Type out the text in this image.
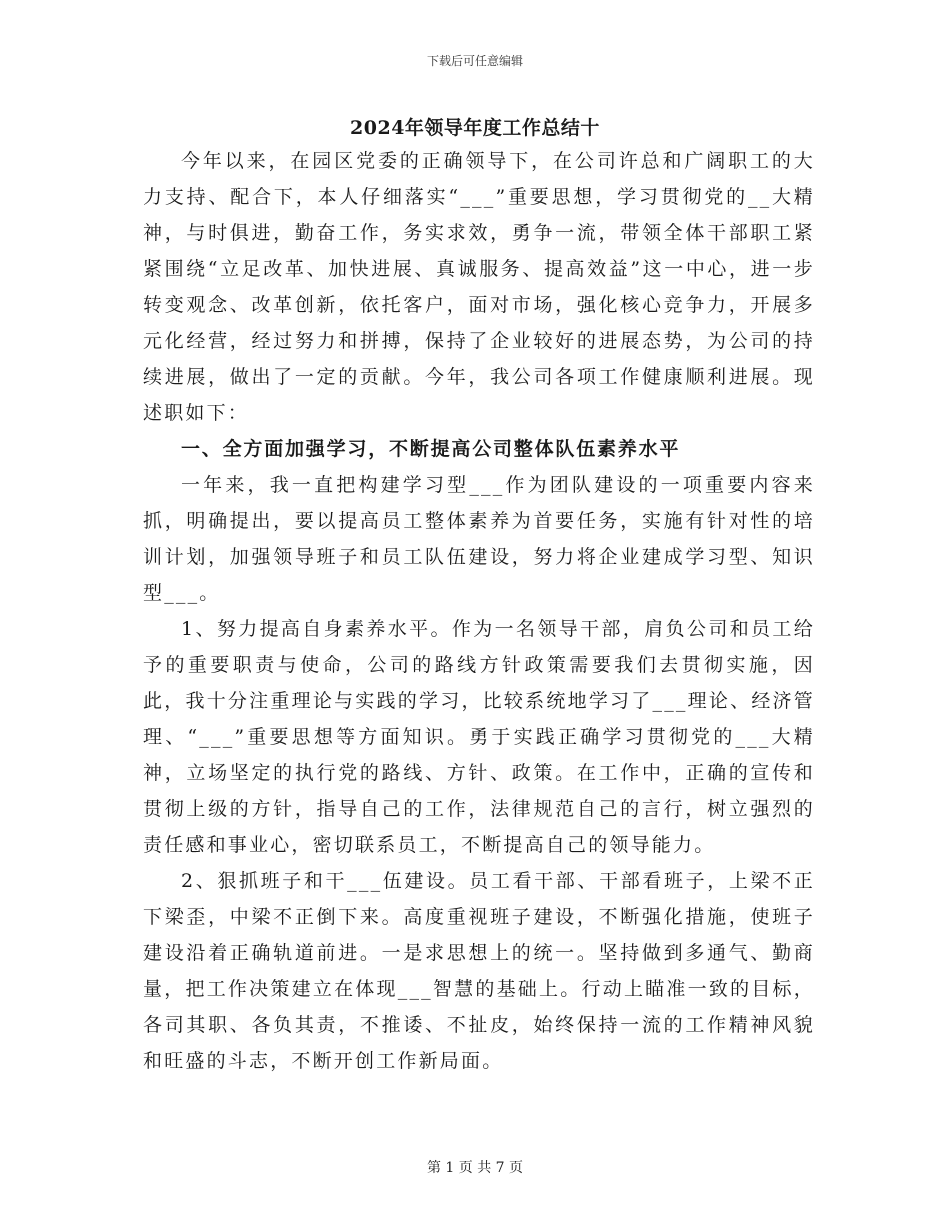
下载后可任意编辑
2024年领导年度工作总结十

今年以来，在园区党委的正确领导下，在公司许总和广阔职工的大力支持、配合下，本人仔细落实“___”重要思想，学习贯彻党的__大精神，与时俱进，勤奋工作，务实求效，勇争一流，带领全体干部职工紧紧围绕“立足改革、加快进展、真诚服务、提高效益”这一中心，进一步转变观念、改革创新，依托客户，面对市场，强化核心竞争力，开展多元化经营，经过努力和拼搏，保持了企业较好的进展态势，为公司的持续进展，做出了一定的贡献。今年，我公司各项工作健康顺利进展。现述职如下：

一、全方面加强学习，不断提高公司整体队伍素养水平

一年来，我一直把构建学习型___作为团队建设的一项重要内容来抓，明确提出，要以提高员工整体素养为首要任务，实施有针对性的培训计划，加强领导班子和员工队伍建设，努力将企业建成学习型、知识型___。

1、努力提高自身素养水平。作为一名领导干部，肩负公司和员工给予的重要职责与使命，公司的路线方针政策需要我们去贯彻实施，因此，我十分注重理论与实践的学习，比较系统地学习了___理论、经济管理、“___”重要思想等方面知识。勇于实践正确学习贯彻党的___大精神，立场坚定的执行党的路线、方针、政策。在工作中，正确的宣传和贯彻上级的方针，指导自己的工作，法律规范自己的言行，树立强烈的责任感和事业心，密切联系员工，不断提高自己的领导能力。

2、狠抓班子和干___伍建设。员工看干部、干部看班子，上梁不正下梁歪，中梁不正倒下来。高度重视班子建设，不断强化措施，使班子建设沿着正确轨道前进。一是求思想上的统一。坚持做到多通气、勤商量，把工作决策建立在体现___智慧的基础上。行动上瞄准一致的目标，各司其职、各负其责，不推诿、不扯皮，始终保持一流的工作精神风貌和旺盛的斗志，不断开创工作新局面。

第 1 页 共 7 页
